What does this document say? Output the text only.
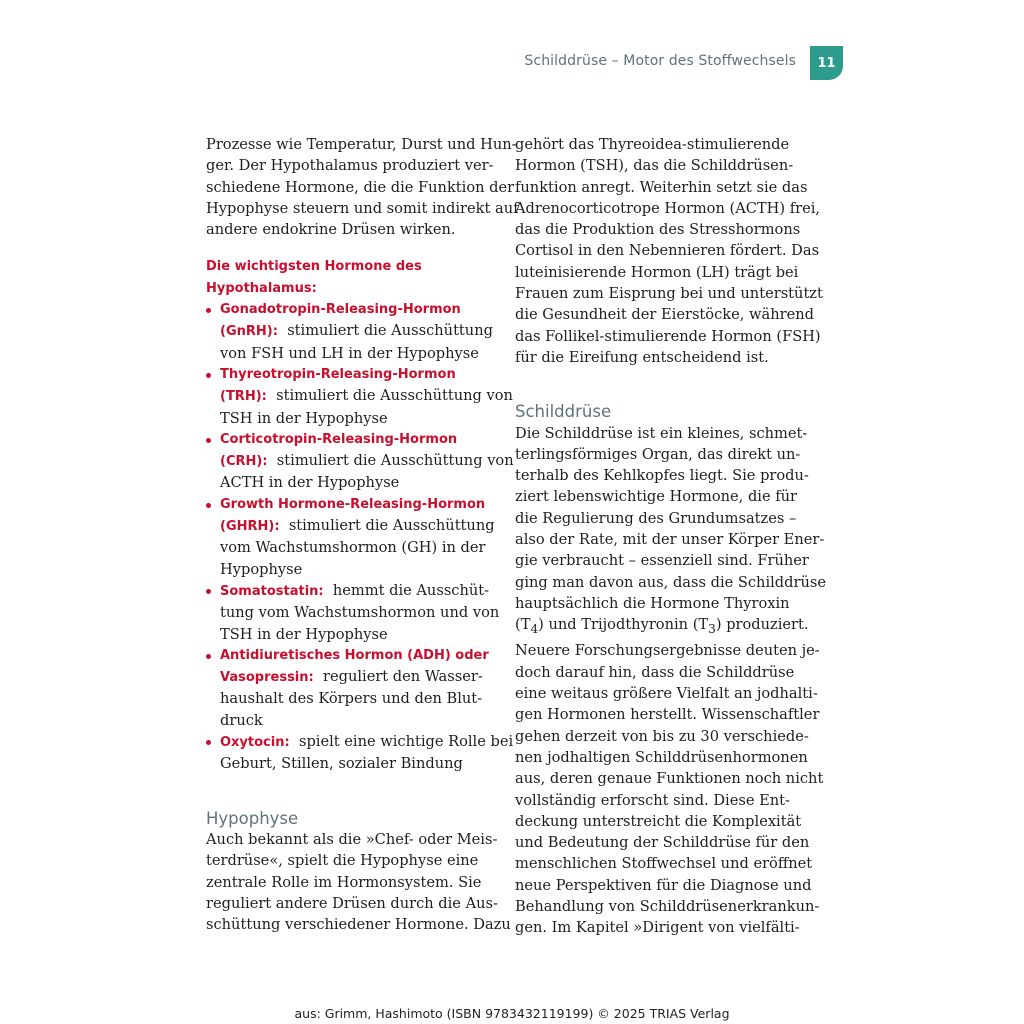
Schilddrüse – Motor des Stoffwechsels	11
Prozesse wie Temperatur, Durst und Hun-
ger. Der Hypothalamus produziert ver-
schiedene Hormone, die die Funktion der
Hypophyse steuern und somit indirekt auf
andere endokrine Drüsen wirken.
Die wichtigsten Hormone des
Hypothalamus:
Gonadotropin-Releasing-Hormon
(GnRH): stimuliert die Ausschüttung
von FSH und LH in der Hypophyse
Thyreotropin-Releasing-Hormon
(TRH): stimuliert die Ausschüttung von
TSH in der Hypophyse
Corticotropin-Releasing-Hormon
(CRH): stimuliert die Ausschüttung von
ACTH in der Hypophyse
Growth Hormone-Releasing-Hormon
(GHRH): stimuliert die Ausschüttung
vom Wachstumshormon (GH) in der
Hypophyse
Somatostatin: hemmt die Ausschüt-
tung vom Wachstumshormon und von
TSH in der Hypophyse
Antidiuretisches Hormon (ADH) oder
Vasopressin: reguliert den Wasser-
haushalt des Körpers und den Blut-
druck
Oxytocin: spielt eine wichtige Rolle bei
Geburt, Stillen, sozialer Bindung
Hypophyse
Auch bekannt als die »Chef- oder Meis-
terdrüse«, spielt die Hypophyse eine
zentrale Rolle im Hormonsystem. Sie
reguliert andere Drüsen durch die Aus-
schüttung verschiedener Hormone. Dazu
gehört das Thyreoidea-stimulierende
Hormon (TSH), das die Schilddrüsen-
funktion anregt. Weiterhin setzt sie das
Adrenocorticotrope Hormon (ACTH) frei,
das die Produktion des Stresshormons
Cortisol in den Nebennieren fördert. Das
luteinisierende Hormon (LH) trägt bei
Frauen zum Eisprung bei und unterstützt
die Gesundheit der Eierstöcke, während
das Follikel-stimulierende Hormon (FSH)
für die Eireifung entscheidend ist.
Schilddrüse
Die Schilddrüse ist ein kleines, schmet-
terlingsförmiges Organ, das direkt un-
terhalb des Kehlkopfes liegt. Sie produ-
ziert lebenswichtige Hormone, die für
die Regulierung des Grundumsatzes –
also der Rate, mit der unser Körper Ener-
gie verbraucht – essenziell sind. Früher
ging man davon aus, dass die Schilddrüse
hauptsächlich die Hormone Thyroxin
$(T_4)$ und Trijodthyronin $(T_3)$ produziert.
Neuere Forschungsergebnisse deuten je-
doch darauf hin, dass die Schilddrüse
eine weitaus größere Vielfalt an jodhalti-
gen Hormonen herstellt. Wissenschaftler
gehen derzeit von bis zu 30 verschiede-
nen jodhaltigen Schilddrüsenhormonen
aus, deren genaue Funktionen noch nicht
vollständig erforscht sind. Diese Ent-
deckung unterstreicht die Komplexität
und Bedeutung der Schilddrüse für den
menschlichen Stoffwechsel und eröffnet
neue Perspektiven für die Diagnose und
Behandlung von Schilddrüsenerkrankun-
gen. Im Kapitel »Dirigent von vielfälti-
aus: Grimm, Hashimoto (ISBN 9783432119199) © 2025 TRIAS Verlag
